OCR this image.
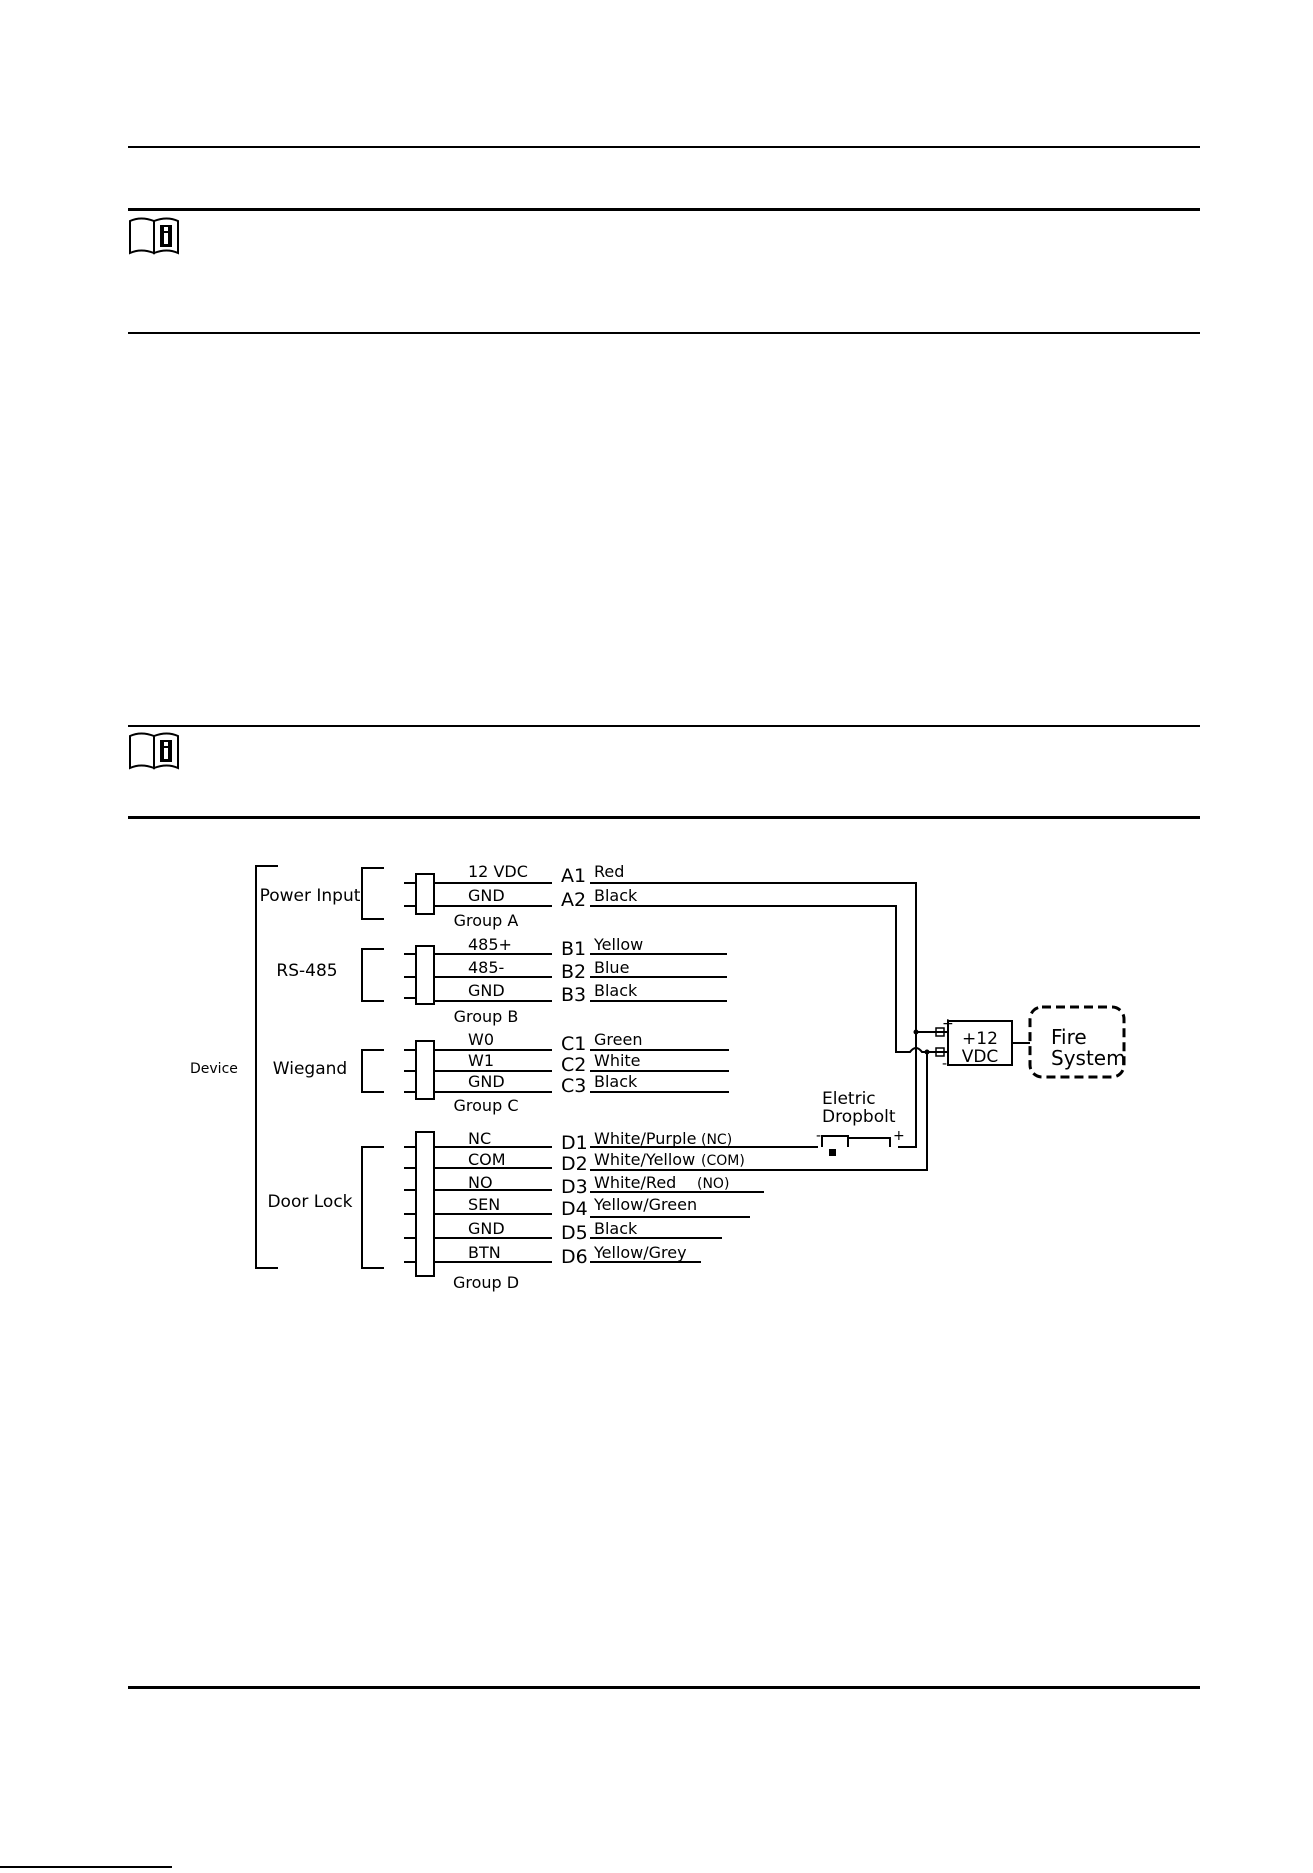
Device
Power Input
Group A
12 VDC A1 Red
GND	A2 Black
RS-485
Group B
485+	B1 Yellow
485-	B2 Blue
GND	B3 Black
Wiegand
Group C
W0	C1 Green
W1	C2 White
GND	C3 Black
Door Lock
Group D
NC	D1 White/Purple (NC)
COM	D2 White/Yellow (COM)
NO	D3 White/Red (NO)
SEN	D4 Yellow/Green
GND	D5 Black
BTN	D6 Yellow/Grey
Eletric
Dropbolt
-	+
+12
VDC
+
-
Fire
System
